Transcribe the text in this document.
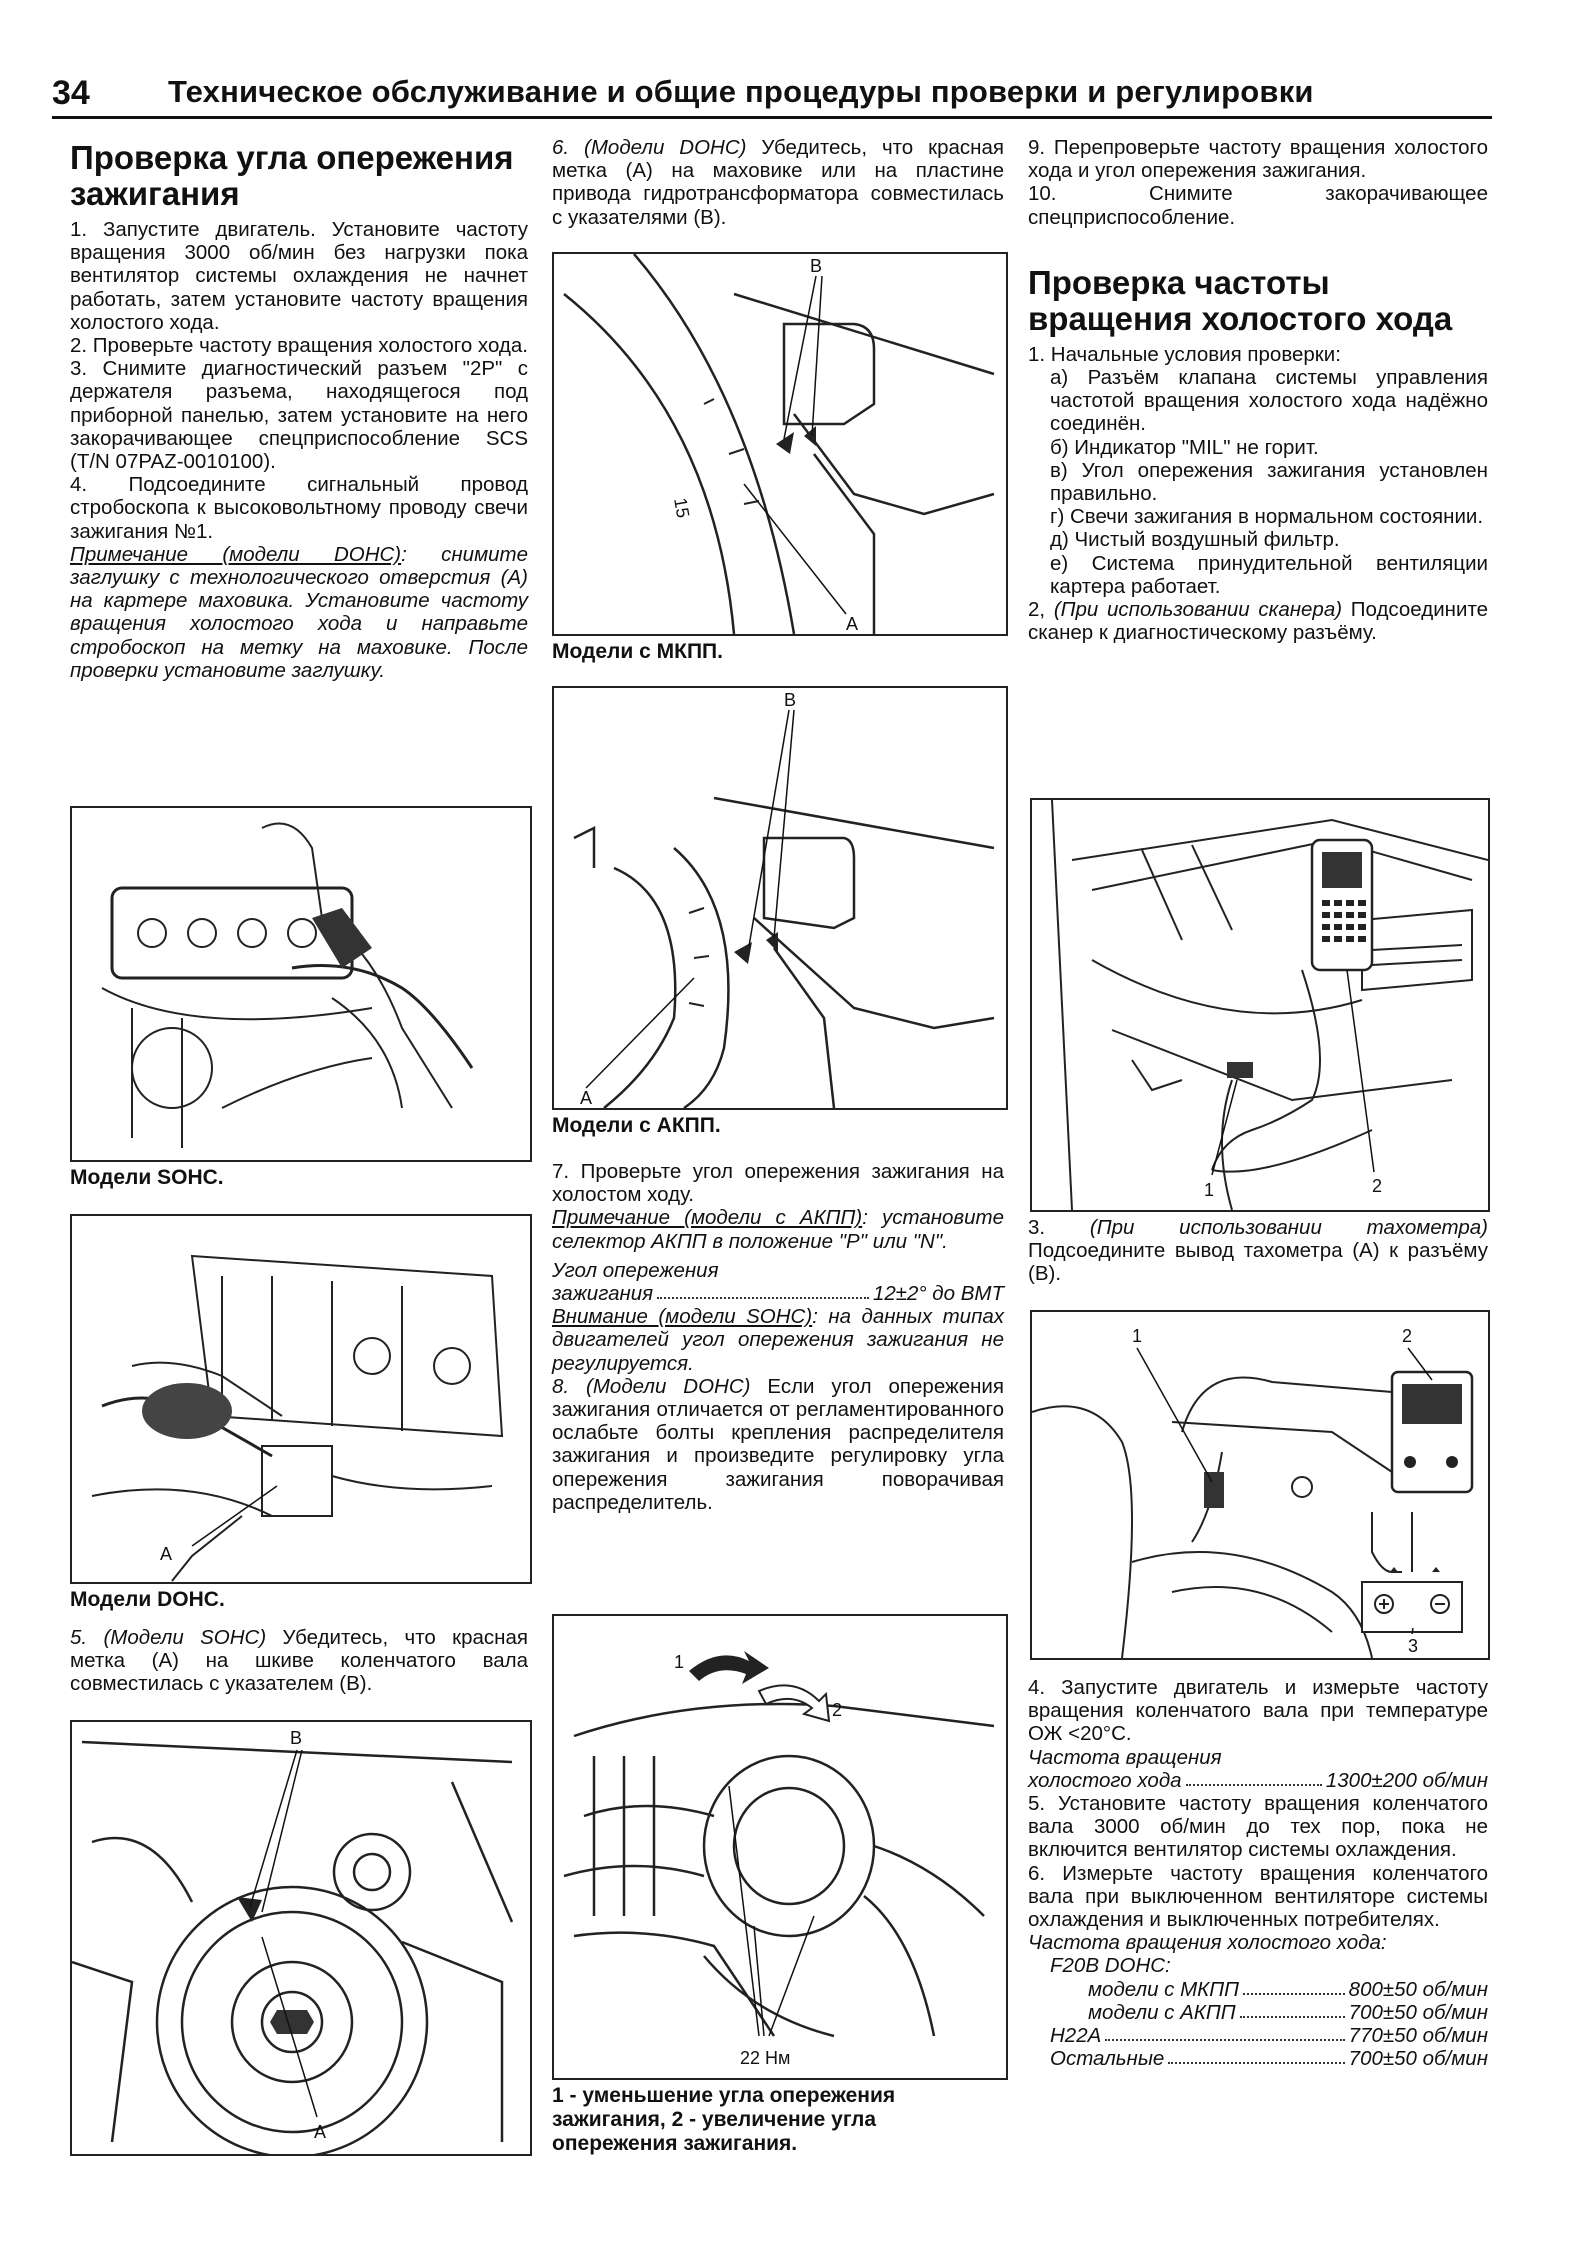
34	Техническое обслуживание и общие процедуры проверки и регулировки
Проверка угла опережения зажигания

1. Запустите двигатель. Установите частоту вращения 3000 об/мин без нагрузки пока вентилятор системы охлаждения не начнет работать, затем установите частоту вращения холостого хода.

2. Проверьте частоту вращения холостого хода.

3. Снимите диагностический разъем "2P" с держателя разъема, находящегося под приборной панелью, затем установите на него закорачивающее спецприспособление SCS (T/N 07PAZ-0010100).

4. Подсоедините сигнальный провод стробоскопа к высоковольтному проводу свечи зажигания №1.

Примечание (модели DOHC): снимите заглушку с технологического отверстия (А) на картере маховика. Установите частоту вращения холостого хода и направьте стробоскоп на метку на маховике. После проверки установите заглушку.

Модели SOHC.
A
Модели DOHC.

5. (Модели SOHC) Убедитесь, что красная метка (А) на шкиве коленчатого вала совместилась с указателем (В).

B
A

6. (Модели DOHC) Убедитесь, что красная метка (А) на маховике или на пластине привода гидротрансформатора совместилась с указателями (В).

15
B
A
Модели с МКПП.
B
A
Модели с АКПП.

7. Проверьте угол опережения зажигания на холостом ходу.

Примечание (модели с АКПП): установите селектор АКПП в положение "P" или "N".

Угол опережения

зажигания	12±2° до ВМТ

Внимание (модели SOHC): на данных типах двигателей угол опережения зажигания не регулируется.

8. (Модели DOHC) Если угол опережения зажигания отличается от регламентированного ослабьте болты крепления распределителя зажигания и произведите регулировку угла опережения зажигания поворачивая распределитель.

1
2
22 Нм
1 - уменьшение угла опережения зажигания, 2 - увеличение угла опережения зажигания.

9. Перепроверьте частоту вращения холостого хода и угол опережения зажигания.

10. Снимите закорачивающее спецприспособление.

Проверка частоты вращения холостого хода

1. Начальные условия проверки:

а) Разъём клапана системы управления частотой вращения холостого хода надёжно соединён.

б) Индикатор "MIL" не горит.

в) Угол опережения зажигания установлен правильно.

г) Свечи зажигания в нормальном состоянии.

д) Чистый воздушный фильтр.

е) Система принудительной вентиляции картера работает.

2, (При использовании сканера) Подсоедините сканер к диагностическому разъёму.

1	2

3. (При использовании тахометра) Подсоедините вывод тахометра (А) к разъёму (В).

1	2
3

4. Запустите двигатель и измерьте частоту вращения коленчатого вала при температуре ОЖ <20°С.

Частота вращения

холостого хода	1300±200 об/мин

5. Установите частоту вращения коленчатого вала 3000 об/мин до тех пор, пока не включится вентилятор системы охлаждения.

6. Измерьте частоту вращения коленчатого вала при выключенном вентиляторе системы охлаждения и выключенных потребителях.

Частота вращения холостого хода:

F20B DOHC:

модели с МКПП	800±50 об/мин

модели с АКПП	700±50 об/мин

H22A	770±50 об/мин

Остальные	700±50 об/мин
